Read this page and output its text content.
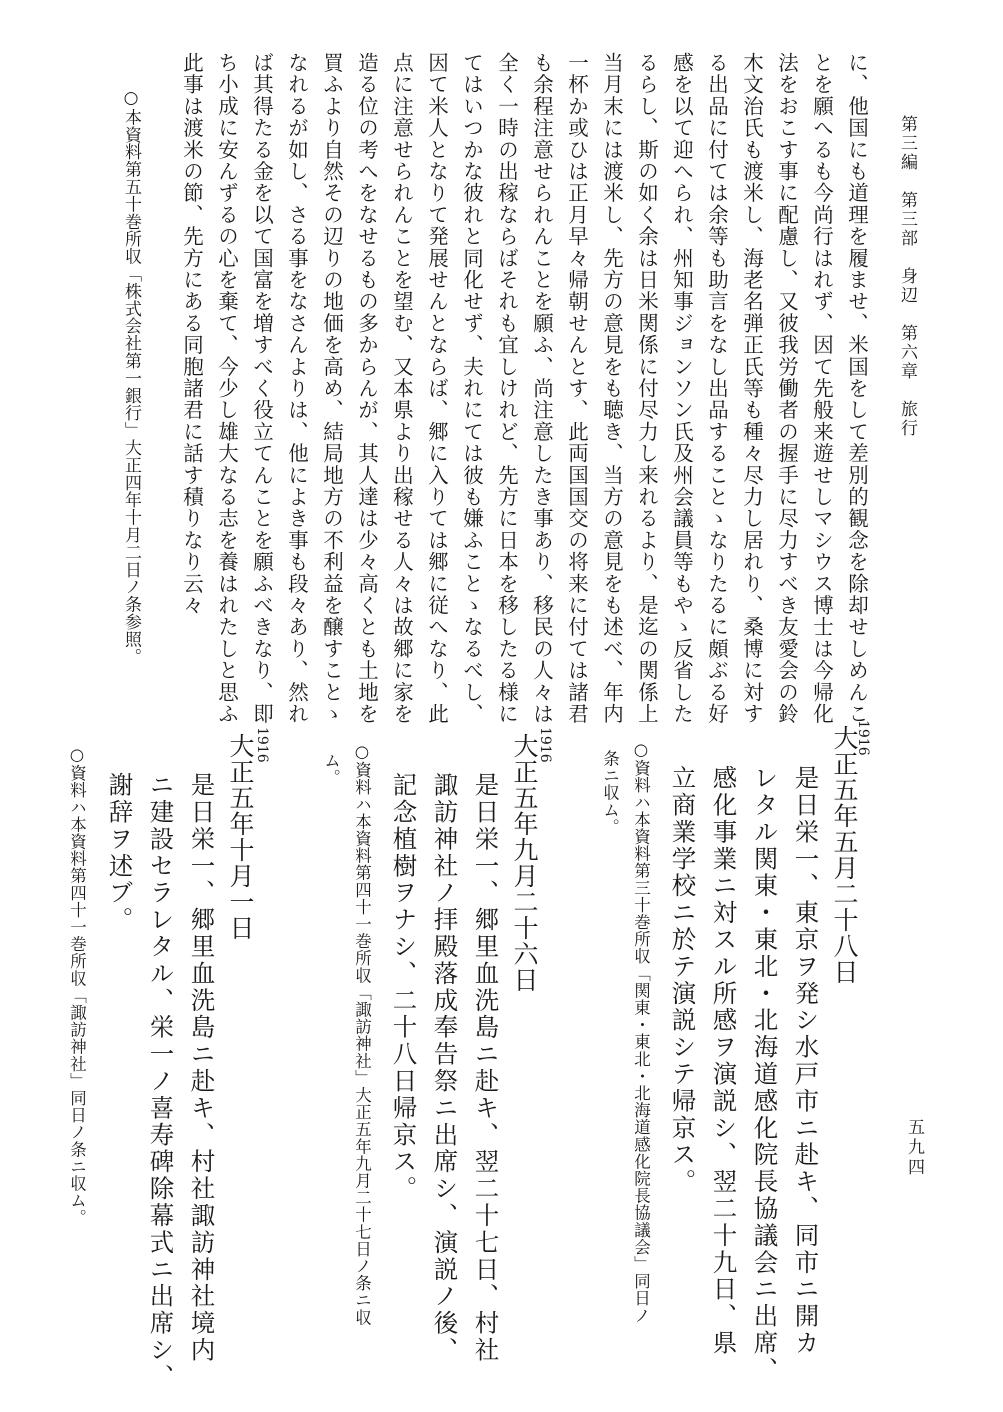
第三編　第三部　身辺　第六章　旅行
五九四
に、他国にも道理を履ませ、米国をして差別的観念を除却せしめんこ
とを願へるも今尚行はれず、因て先般来遊せしマシウス博士は今帰化
法をおこす事に配慮し、又彼我労働者の握手に尽力すべき友愛会の鈴
木文治氏も渡米し、海老名弾正氏等も種々尽力し居れり、桑博に対す
る出品に付ては余等も助言をなし出品することゝなりたるに頗ぶる好
感を以て迎へられ、州知事ジョンソン氏及州会議員等もやゝ反省した
るらし、斯の如く余は日米関係に付尽力し来れるより、是迄の関係上
当月末には渡米し、先方の意見をも聴き、当方の意見をも述べ、年内
一杯か或ひは正月早々帰朝せんとす、此両国国交の将来に付ては諸君
も余程注意せられんことを願ふ、尚注意したき事あり、移民の人々は
全く一時の出稼ならばそれも宜しけれど、先方に日本を移したる様に
てはいつかな彼れと同化せず、夫れにては彼も嫌ふことゝなるべし、
因て米人となりて発展せんとならば、郷に入りては郷に従へなり、此
点に注意せられんことを望む、又本県より出稼せる人々は故郷に家を
造る位の考へをなせるもの多からんが、其人達は少々高くとも土地を
買ふより自然その辺りの地価を高め、結局地方の不利益を醸すことゝ
なれるが如し、さる事をなさんよりは、他によき事も段々あり、然れ
ば其得たる金を以て国富を増すべく役立てんことを願ふべきなり、即
ち小成に安んずるの心を棄て、今少し雄大なる志を養はれたしと思ふ
此事は渡米の節、先方にある同胞諸君に話す積りなり云々
○本資料第五十巻所収「株式会社第一銀行」大正四年十月二日ノ条参照。
1916
大正五年五月二十八日
是日栄一、東京ヲ発シ水戸市ニ赴キ、同市ニ開カ
レタル関東・東北・北海道感化院長協議会ニ出席、
感化事業ニ対スル所感ヲ演説シ、翌二十九日、県
立商業学校ニ於テ演説シテ帰京ス。
○資料ハ本資料第三十巻所収「関東・東北・北海道感化院長協議会」同日ノ
条ニ収ム。
1916
大正五年九月二十六日
是日栄一、郷里血洗島ニ赴キ、翌二十七日、村社
諏訪神社ノ拝殿落成奉告祭ニ出席シ、演説ノ後、
記念植樹ヲナシ、二十八日帰京ス。
○資料ハ本資料第四十一巻所収「諏訪神社」大正五年九月二十七日ノ条ニ収
ム。
1916
大正五年十月一日
是日栄一、郷里血洗島ニ赴キ、村社諏訪神社境内
ニ建設セラレタル、栄一ノ喜寿碑除幕式ニ出席シ、
謝辞ヲ述ブ。
○資料ハ本資料第四十一巻所収「諏訪神社」同日ノ条ニ収ム。
